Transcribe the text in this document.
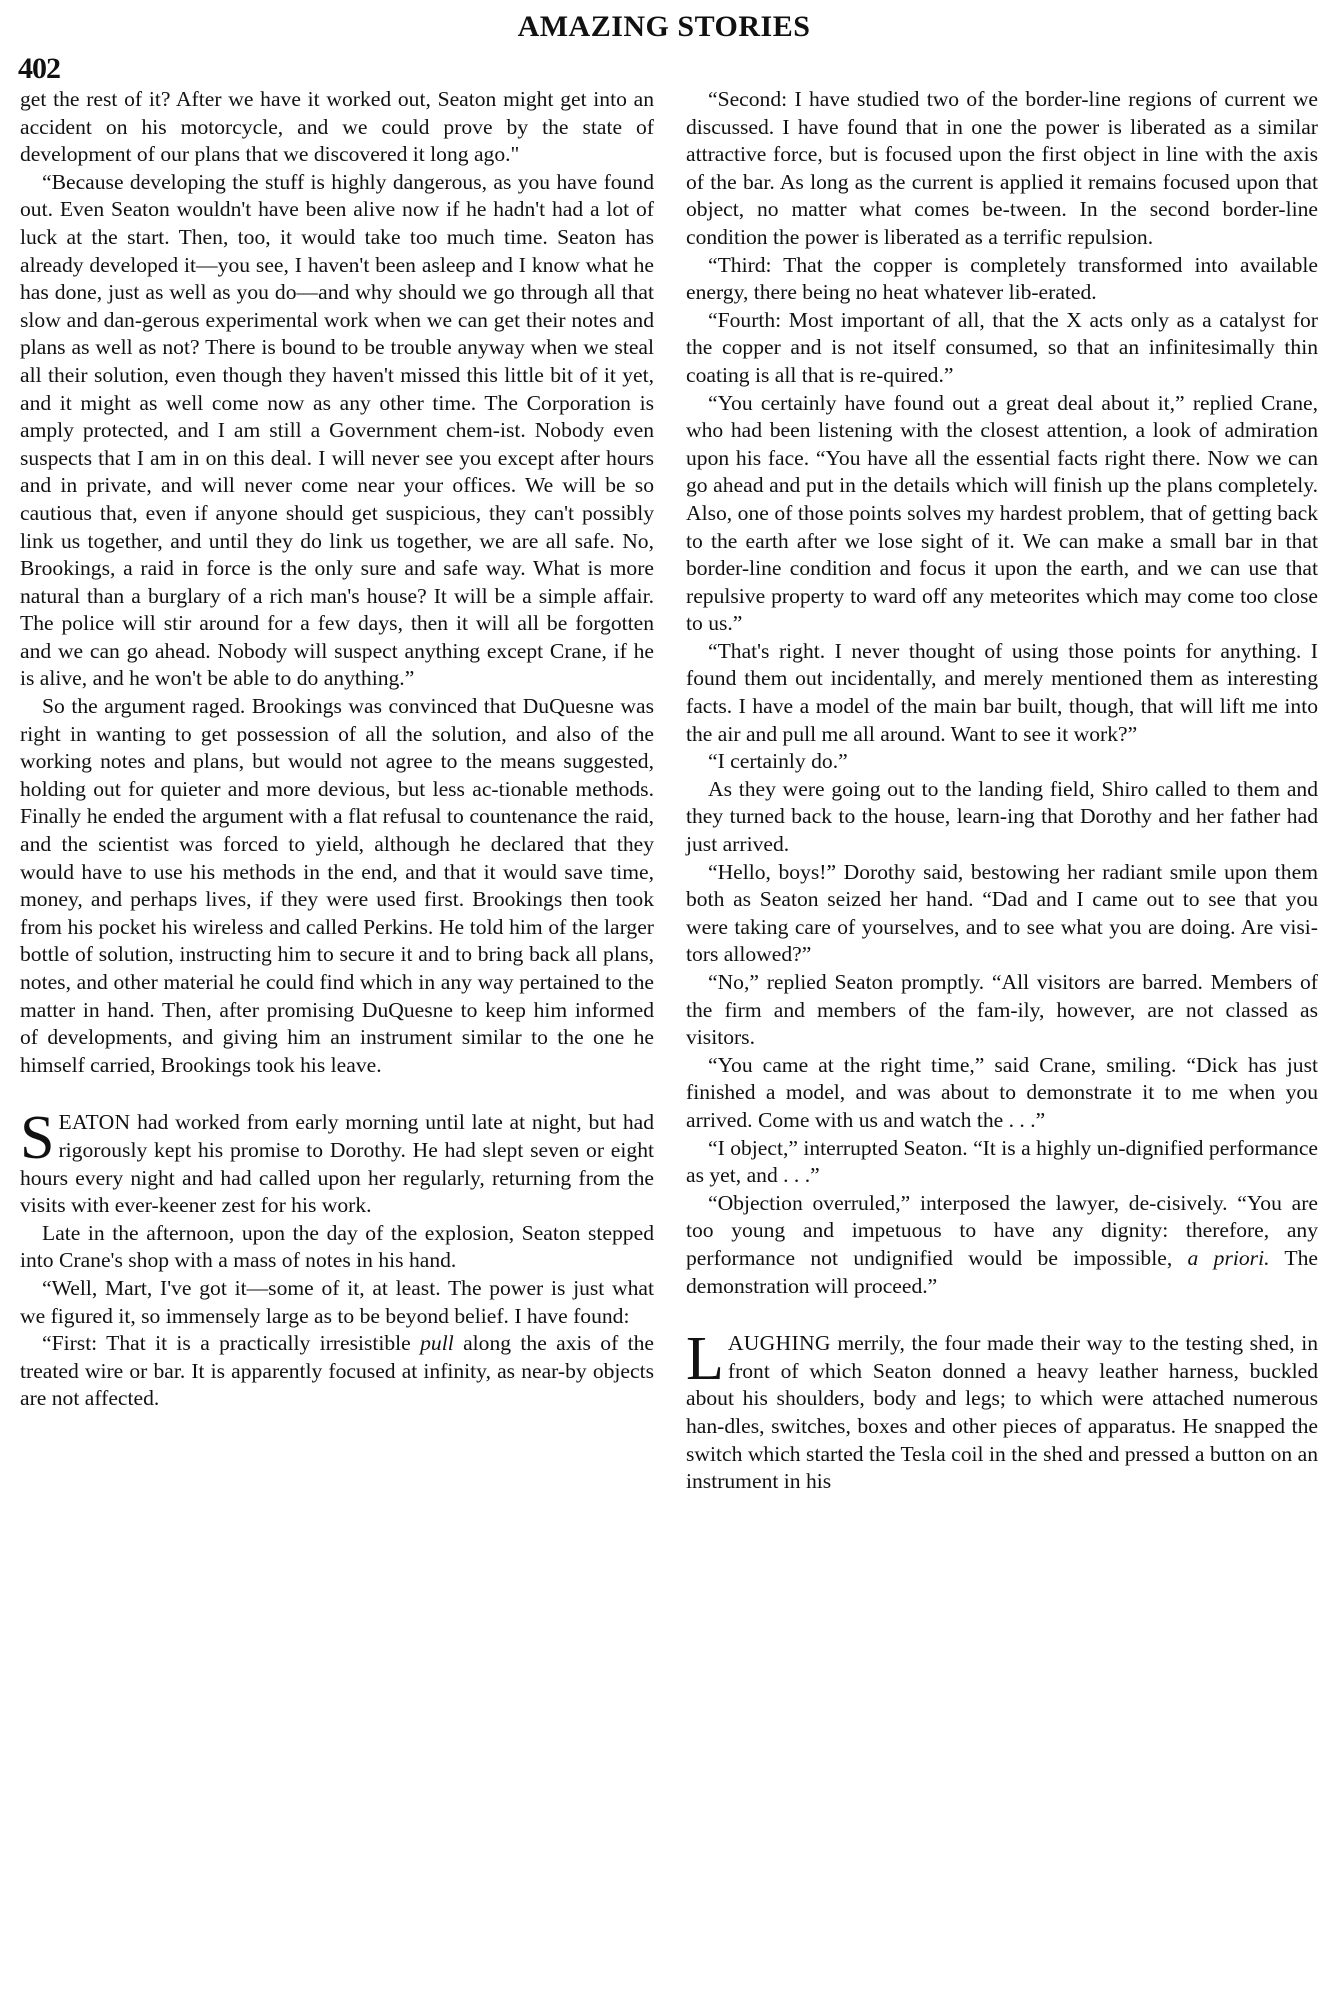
402
AMAZING STORIES

get the rest of it? After we have it worked out, Seaton might get into an accident on his motorcycle, and we could prove by the state of development of our plans that we discovered it long ago."

“Because developing the stuff is highly dangerous, as you have found out. Even Seaton wouldn't have been alive now if he hadn't had a lot of luck at the start. Then, too, it would take too much time. Seaton has already developed it—you see, I haven't been asleep and I know what he has done, just as well as you do—and why should we go through all that slow and dan-gerous experimental work when we can get their notes and plans as well as not? There is bound to be trouble anyway when we steal all their solution, even though they haven't missed this little bit of it yet, and it might as well come now as any other time. The Corporation is amply protected, and I am still a Government chem-ist. Nobody even suspects that I am in on this deal. I will never see you except after hours and in private, and will never come near your offices. We will be so cautious that, even if anyone should get suspicious, they can't possibly link us together, and until they do link us together, we are all safe. No, Brookings, a raid in force is the only sure and safe way. What is more natural than a burglary of a rich man's house? It will be a simple affair. The police will stir around for a few days, then it will all be forgotten and we can go ahead. Nobody will suspect anything except Crane, if he is alive, and he won't be able to do anything.”

So the argument raged. Brookings was convinced that DuQuesne was right in wanting to get possession of all the solution, and also of the working notes and plans, but would not agree to the means suggested, holding out for quieter and more devious, but less ac-tionable methods. Finally he ended the argument with a flat refusal to countenance the raid, and the scientist was forced to yield, although he declared that they would have to use his methods in the end, and that it would save time, money, and perhaps lives, if they were used first. Brookings then took from his pocket his wireless and called Perkins. He told him of the larger bottle of solution, instructing him to secure it and to bring back all plans, notes, and other material he could find which in any way pertained to the matter in hand. Then, after promising DuQuesne to keep him informed of developments, and giving him an instrument similar to the one he himself carried, Brookings took his leave.

SEATON had worked from early morning until late at night, but had rigorously kept his promise to Dorothy. He had slept seven or eight hours every night and had called upon her regularly, returning from the visits with ever-keener zest for his work.

Late in the afternoon, upon the day of the explosion, Seaton stepped into Crane's shop with a mass of notes in his hand.

“Well, Mart, I've got it—some of it, at least. The power is just what we figured it, so immensely large as to be beyond belief. I have found:

“First: That it is a practically irresistible pull along the axis of the treated wire or bar. It is apparently focused at infinity, as near-by objects are not affected.

“Second: I have studied two of the border-line regions of current we discussed. I have found that in one the power is liberated as a similar attractive force, but is focused upon the first object in line with the axis of the bar. As long as the current is applied it remains focused upon that object, no matter what comes be-tween. In the second border-line condition the power is liberated as a terrific repulsion.

“Third: That the copper is completely transformed into available energy, there being no heat whatever lib-erated.

“Fourth: Most important of all, that the X acts only as a catalyst for the copper and is not itself consumed, so that an infinitesimally thin coating is all that is re-quired.”

“You certainly have found out a great deal about it,” replied Crane, who had been listening with the closest attention, a look of admiration upon his face. “You have all the essential facts right there. Now we can go ahead and put in the details which will finish up the plans completely. Also, one of those points solves my hardest problem, that of getting back to the earth after we lose sight of it. We can make a small bar in that border-line condition and focus it upon the earth, and we can use that repulsive property to ward off any meteorites which may come too close to us.”

“That's right. I never thought of using those points for anything. I found them out incidentally, and merely mentioned them as interesting facts. I have a model of the main bar built, though, that will lift me into the air and pull me all around. Want to see it work?”

“I certainly do.”

As they were going out to the landing field, Shiro called to them and they turned back to the house, learn-ing that Dorothy and her father had just arrived.

“Hello, boys!” Dorothy said, bestowing her radiant smile upon them both as Seaton seized her hand. “Dad and I came out to see that you were taking care of yourselves, and to see what you are doing. Are visi-tors allowed?”

“No,” replied Seaton promptly. “All visitors are barred. Members of the firm and members of the fam-ily, however, are not classed as visitors.

“You came at the right time,” said Crane, smiling. “Dick has just finished a model, and was about to demonstrate it to me when you arrived. Come with us and watch the . . .”

“I object,” interrupted Seaton. “It is a highly un-dignified performance as yet, and . . .”

“Objection overruled,” interposed the lawyer, de-cisively. “You are too young and impetuous to have any dignity: therefore, any performance not undignified would be impossible, a priori. The demonstration will proceed.”

LAUGHING merrily, the four made their way to the testing shed, in front of which Seaton donned a heavy leather harness, buckled about his shoulders, body and legs; to which were attached numerous han-dles, switches, boxes and other pieces of apparatus. He snapped the switch which started the Tesla coil in the shed and pressed a button on an instrument in his
